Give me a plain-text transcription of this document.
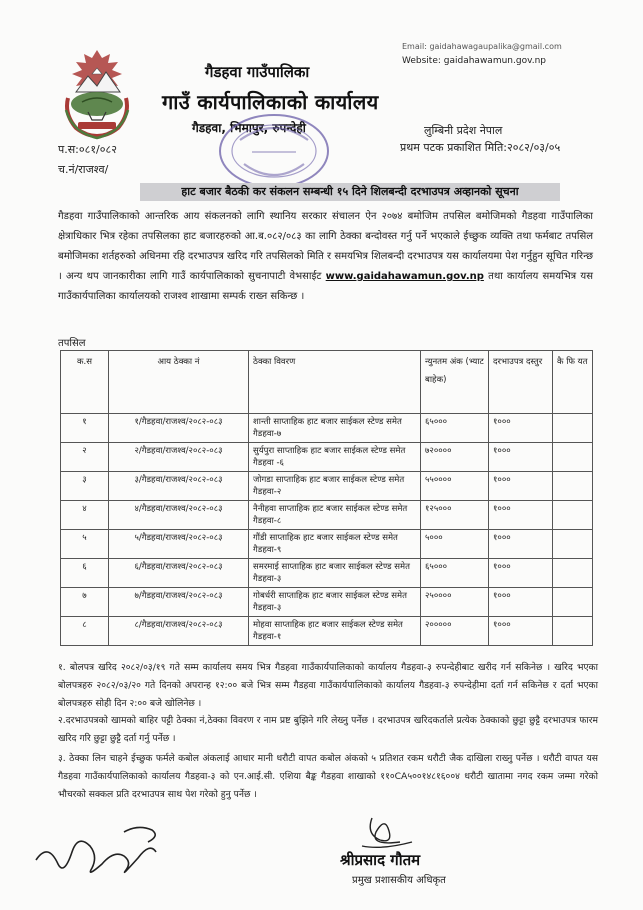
गैडहवा गाउँपालिका
गाउँ कार्यपालिकाको कार्यालय
गैडहवा, भिमापुर, रुपन्देही
Email: gaidahawagaupalika@gmail.com
Website: gaidahawamun.gov.np
लुम्बिनी प्रदेश नेपाल
प्रथम पटक प्रकाशित मिति:२०८२/०३/०५
प.स:०८१/०८२
च.नं/राजश्व/
हाट बजार बैठकी कर संकलन सम्बन्धी १५ दिने शिलबन्दी दरभाउपत्र अव्हानको सूचना
गैडहवा गाउँपालिकाको आन्तरिक आय संकलनको लागि स्थानिय सरकार संचालन ऐन २०७४ बमोजिम तपसिल बमोजिमको गैडहवा गाउँपालिका क्षेत्राधिकार भित्र रहेका तपसिलका हाट बजारहरुको आ.ब.०८२/०८३ का लागि ठेक्का बन्दोवस्त गर्नु पर्ने भएकाले ईच्छुक व्यक्ति तथा फर्मबाट तपसिल बमोजिमका शर्तहरुको अधिनमा रहि दरभाउपत्र खरिद गरि तपसिलको मिति र समयभित्र शिलबन्दी दरभाउपत्र यस कार्यालयमा पेश गर्नुहुन सूचित गरिन्छ । अन्य थप जानकारीका लागि गाउँ कार्यपालिकाको सुचनापाटी वेभसाईट www.gaidahawamun.gov.np तथा कार्यालय समयभित्र यस गाउँकार्यपालिका कार्यालयको राजश्व शाखामा सम्पर्क राख्न सकिन्छ ।
तपसिल
क.स	आय ठेक्का नं	ठेक्का विवरण	न्युनतम अंक (भ्याट बाहेक)	दरभाउपत्र दस्तुर	कै फि यत
१	१/गैडहवा/राजश्व/२०८२-०८३	शान्ती साप्ताहिक हाट बजार साईकल स्टेण्ड समेत गैडहवा-७	६५०००	१०००	
२	२/गैडहवा/राजश्व/२०८२-०८३	सुर्यपुरा साप्ताहिक हाट बजार साईकल स्टेण्ड समेत गैडहवा -६	७२००००	१०००	
३	३/गैडहवा/राजश्व/२०८२-०८३	जोगडा साप्ताहिक हाट बजार साईकल स्टेण्ड समेत गैडहवा-२	५५००००	१०००	
४	४/गैडहवा/राजश्व/२०८२-०८३	नैनीहवा साप्ताहिक हाट बजार साईकल स्टेण्ड समेत गैडहवा-८	१२५०००	१०००	
५	५/गैडहवा/राजश्व/२०८२-०८३	गौंडी साप्ताहिक हाट बजार साईकल स्टेण्ड समेत गैडहवा-९	५०००	१०००	
६	६/गैडहवा/राजश्व/२०८२-०८३	समरमाई साप्ताहिक हाट बजार साईकल स्टेण्ड समेत गैडहवा-३	६५०००	१०००	
७	७/गैडहवा/राजश्व/२०८२-०८३	गोबर्धरी साप्ताहिक हाट बजार साईकल स्टेण्ड समेत गैडहवा-३	२५००००	१०००	
८	८/गैडहवा/राजश्व/२०८२-०८३	मोहवा साप्ताहिक हाट बजार साईकल स्टेण्ड समेत गैडहवा-१	२०००००	१०००	
१. बोलपत्र खरिद २०८२/०३/१९ गते सम्म कार्यालय समय भित्र गैडहवा गाउँकार्यपालिकाको कार्यालय गैडहवा-३ रुपन्देहीबाट खरीद गर्न सकिनेछ । खरिद भएका बोलपत्रहरु २०८२/०३/२० गते दिनको अपरान्ह १२:०० बजे भित्र सम्म गैडहवा गाउँकार्यपालिकाको कार्यालय गैडहवा-३ रुपन्देहीमा दर्ता गर्न सकिनेछ र दर्ता भएका बोलपत्रहरु सोही दिन २:०० बजे खोलिनेछ ।
२.दरभाउपत्रको खामको बाहिर पट्टी ठेक्का नं,ठेक्का विवरण र नाम प्रष्ट बुझिने गरि लेख्नु पर्नेछ । दरभाउपत्र खरिदकर्ताले प्रत्येक ठेक्काको छुट्टा छुट्टै दरभाउपत्र फारम खरिद गरि छुट्टा छुट्टै दर्ता गर्नु पर्नेछ ।
३. ठेक्का लिन चाहने ईच्छुक फर्मले कबोल अंकलाई आधार मानी धरौटी वापत कबोल अंकको ५ प्रतिशत रकम धरौटी जैक दाखिला राख्नु पर्नेछ । धरौटी वापत यस गैडहवा गाउँकार्यपालिकाको कार्यालय गैडहवा-३ को एन.आई.सी. एशिया बैङ्क गैडहवा शाखाको ११०CA५००१४८१६००४ धरौटी खातामा नगद रकम जम्मा गरेको भौचरको सक्कल प्रति दरभाउपत्र साथ पेश गरेको हुनु पर्नेछ ।
श्रीप्रसाद गौतम
प्रमुख प्रशासकीय अधिकृत
